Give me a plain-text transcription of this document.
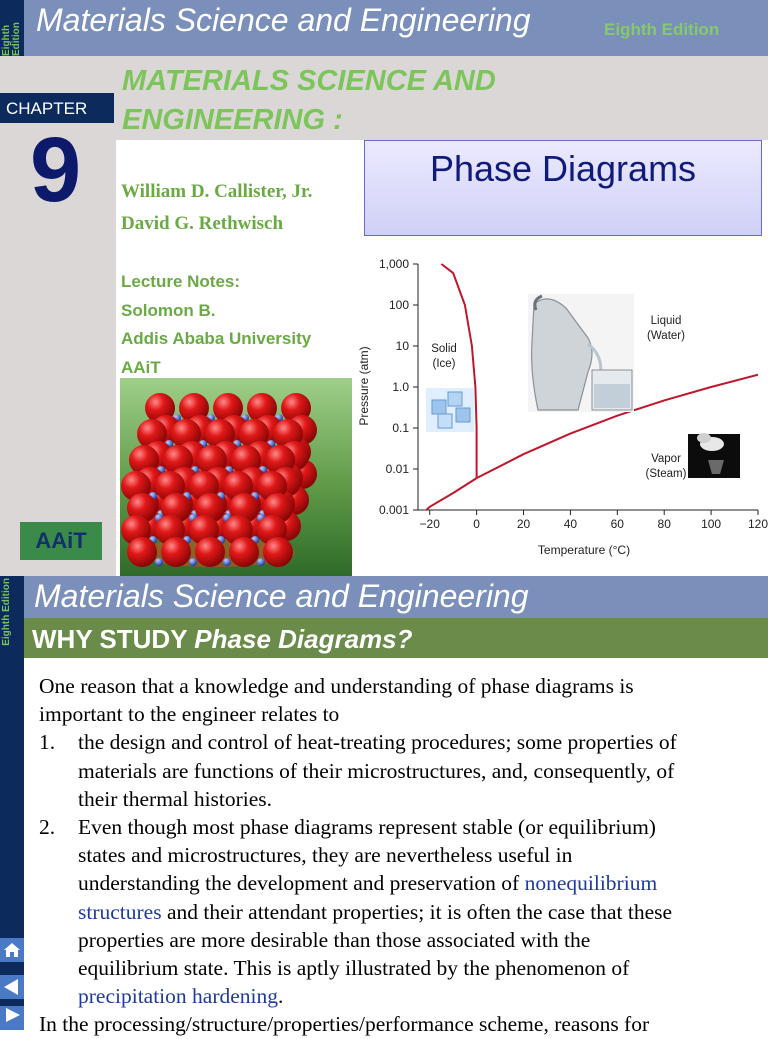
Eighth Edition
Materials Science and Engineering	Eighth Edition
CHAPTER
9
AAiT
MATERIALS SCIENCE AND
ENGINEERING :
William D. Callister, Jr.
David G. Rethwisch
Lecture Notes:
Solomon B.
Addis Ababa University
AAiT
Phase Diagrams
−20	0	20	40	60	80	100 120
0.001
0.01
0.1
1.0
10
100
1,000
Solid
(Ice)
Liquid
(Water)
Vapor
(Steam)
Temperature (°C)
Pressure (atm)
Eighth Edition Materials Science and Engineering
WHY STUDY Phase Diagrams?

One reason that a knowledge and understanding of phase diagrams is
important to the engineer relates to

1. the design and control of heat-treating procedures; some properties of
materials are functions of their microstructures, and, consequently, of
their thermal histories.
2. Even though most phase diagrams represent stable (or equilibrium)
states and microstructures, they are nevertheless useful in
understanding the development and preservation of nonequilibrium
structures and their attendant properties; it is often the case that these
properties are more desirable than those associated with the
equilibrium state. This is aptly illustrated by the phenomenon of
precipitation hardening.

In the processing/structure/properties/performance scheme, reasons for
